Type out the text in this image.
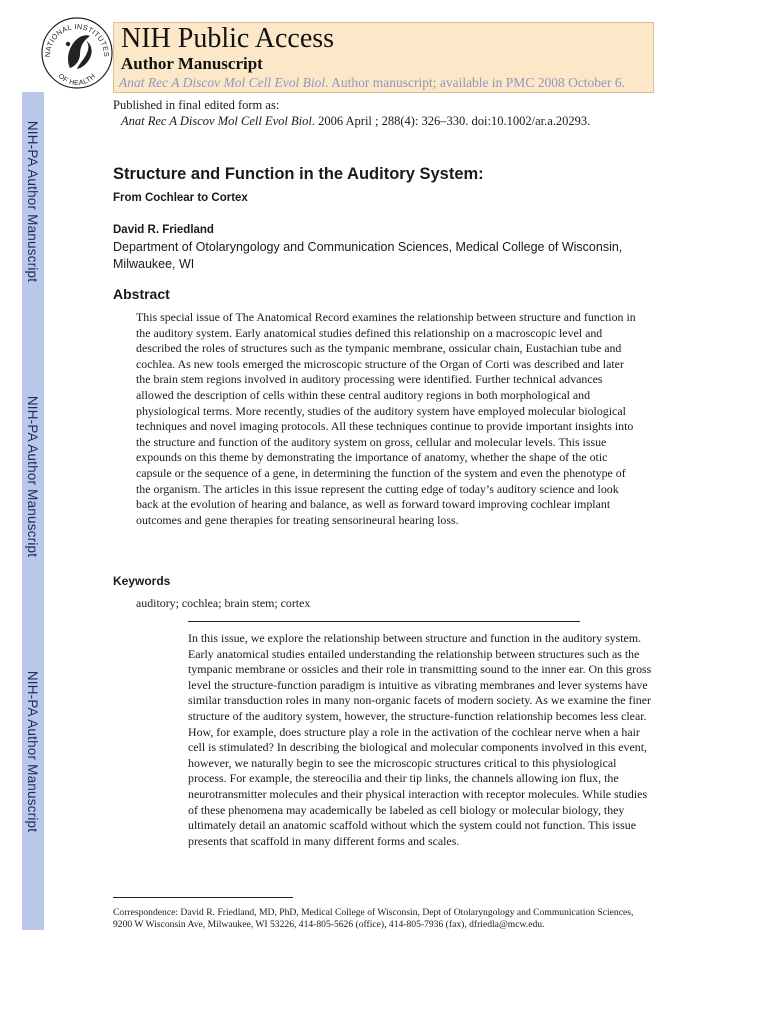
NIH-PA Author Manuscript
NIH-PA Author Manuscript
NIH-PA Author Manuscript
NATIONAL INSTITUTES
OF HEALTH
NIH Public Access
Author Manuscript
Anat Rec A Discov Mol Cell Evol Biol. Author manuscript; available in PMC 2008 October 6.
Published in final edited form as:
Anat Rec A Discov Mol Cell Evol Biol. 2006 April ; 288(4): 326–330. doi:10.1002/ar.a.20293.
Structure and Function in the Auditory System:
From Cochlear to Cortex
David R. Friedland
Department of Otolaryngology and Communication Sciences, Medical College of Wisconsin, Milwaukee, WI
Abstract
This special issue of The Anatomical Record examines the relationship between structure and function in the auditory system. Early anatomical studies defined this relationship on a macroscopic level and described the roles of structures such as the tympanic membrane, ossicular chain, Eustachian tube and cochlea. As new tools emerged the microscopic structure of the Organ of Corti was described and later the brain stem regions involved in auditory processing were identified. Further technical advances allowed the description of cells within these central auditory regions in both morphological and physiological terms. More recently, studies of the auditory system have employed molecular biological techniques and novel imaging protocols. All these techniques continue to provide important insights into the structure and function of the auditory system on gross, cellular and molecular levels. This issue expounds on this theme by demonstrating the importance of anatomy, whether the shape of the otic capsule or the sequence of a gene, in determining the function of the system and even the phenotype of the organism. The articles in this issue represent the cutting edge of today’s auditory science and look back at the evolution of hearing and balance, as well as forward toward improving cochlear implant outcomes and gene therapies for treating sensorineural hearing loss.
Keywords
auditory; cochlea; brain stem; cortex
In this issue, we explore the relationship between structure and function in the auditory system. Early anatomical studies entailed understanding the relationship between structures such as the tympanic membrane or ossicles and their role in transmitting sound to the inner ear. On this gross level the structure-function paradigm is intuitive as vibrating membranes and lever systems have similar transduction roles in many non-organic facets of modern society. As we examine the finer structure of the auditory system, however, the structure-function relationship becomes less clear. How, for example, does structure play a role in the activation of the cochlear nerve when a hair cell is stimulated? In describing the biological and molecular components involved in this event, however, we naturally begin to see the microscopic structures critical to this physiological process. For example, the stereocilia and their tip links, the channels allowing ion flux, the neurotransmitter molecules and their physical interaction with receptor molecules. While studies of these phenomena may academically be labeled as cell biology or molecular biology, they ultimately detail an anatomic scaffold without which the system could not function. This issue presents that scaffold in many different forms and scales.
Correspondence: David R. Friedland, MD, PhD, Medical College of Wisconsin, Dept of Otolaryngology and Communication Sciences, 9200 W Wisconsin Ave, Milwaukee, WI 53226, 414-805-5626 (office), 414-805-7936 (fax), dfriedla@mcw.edu.
